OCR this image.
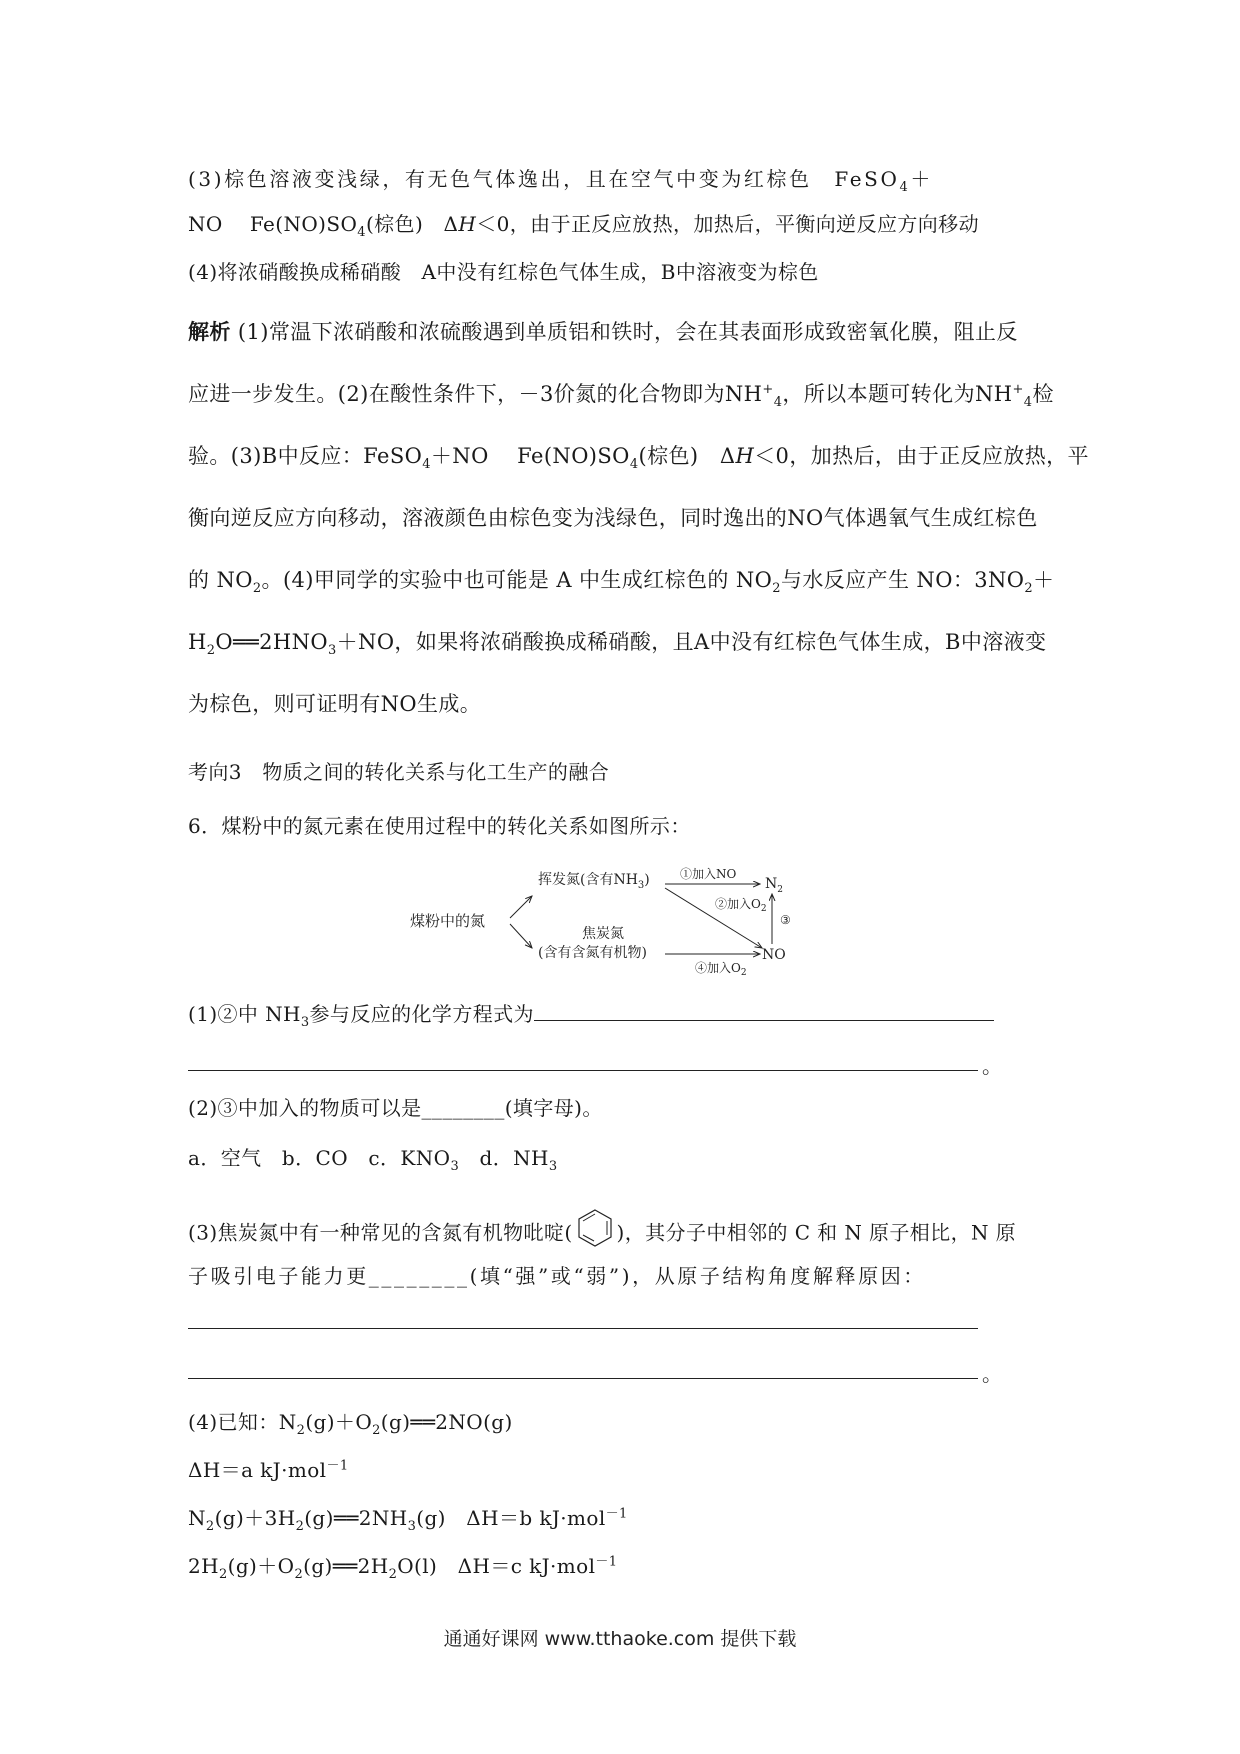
(3)棕色溶液变浅绿，有无色气体逸出，且在空气中变为红棕色　FeSO$_4$＋
NO　 $Fe(NO)SO_4$(棕色)　ΔH＜0，由于正反应放热，加热后，平衡向逆反应方向移动
(4)将浓硝酸换成稀硝酸　A中没有红棕色气体生成，B中溶液变为棕色
解析 (1)常温下浓硝酸和浓硫酸遇到单质铝和铁时，会在其表面形成致密氧化膜，阻止反
应进一步发生。(2)在酸性条件下，－3价氮的化合物即为$NH^+_4$，所以本题可转化为$NH^+_4$检
验。(3)B中反应：FeSO$_4$＋NO　 $Fe(NO)SO_4$(棕色)　ΔH＜0，加热后，由于正反应放热，平
衡向逆反应方向移动，溶液颜色由棕色变为浅绿色，同时逸出的NO气体遇氧气生成红棕色
的 $NO_2$。(4)甲同学的实验中也可能是 A 中生成红棕色的 $NO_2$与水反应产生 NO：$3NO_2+$
$H_2O══2HNO_3+NO$，如果将浓硝酸换成稀硝酸，且A中没有红棕色气体生成，B中溶液变
为棕色，则可证明有NO生成。
考向3　物质之间的转化关系与化工生产的融合
6．煤粉中的氮元素在使用过程中的转化关系如图所示：
煤粉中的氮
挥发氮(含有$NH_3$)
焦炭氮
(含有含氮有机物)
①加入NO
$N_2$
②加入$O_2$
③
④加入$O_2$
NO
(1)②中 $NH_3$参与反应的化学方程式为
。
(2)③中加入的物质可以是________(填字母)。
a．空气　b．CO　c．$KNO_3$　d．$NH_3$
(3)焦炭氮中有一种常见的含氮有机物吡啶( )，其分子中相邻的 C 和 N 原子相比，N 原
子吸引电子能力更________(填“强”或“弱”)，从原子结构角度解释原因：
。
(4)已知：$N_2(g)+O_2(g)══2NO(g)$
ΔH＝a kJ·mol$^{-1}$
$N_2(g)+3H_2(g)══2NH_3(g)$　ΔH＝b kJ·mol$^{-1}$
$2H_2(g)+O_2(g)══2H_2O(l)$　ΔH＝c kJ·mol$^{-1}$
通通好课网 www.tthaoke.com 提供下载
